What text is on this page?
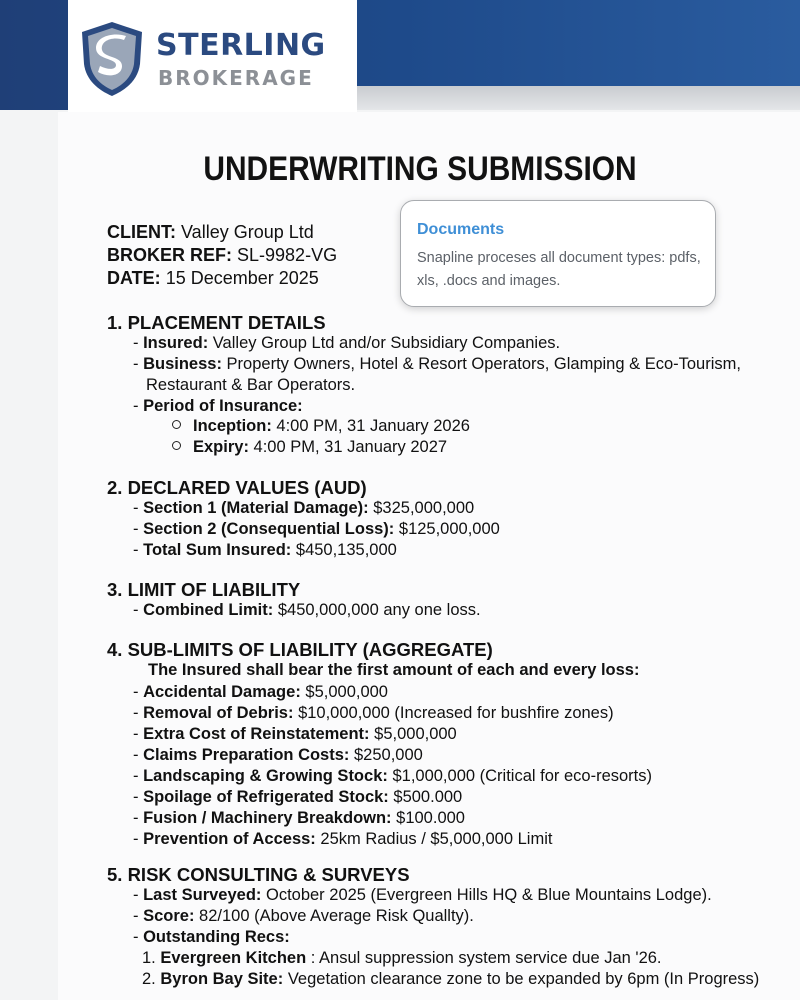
STERLING
BROKERAGE
UNDERWRITING SUBMISSION
CLIENT: Valley Group Ltd
BROKER REF: SL-9982-VG
DATE: 15 December 2025
Documents
Snapline proceses all document types: pdfs, xls, .docs and images.
1. PLACEMENT DETAILS
- Insured: Valley Group Ltd and/or Subsidiary Companies.
- Business: Property Owners, Hotel & Resort Operators, Glamping & Eco-Tourism,
Restaurant & Bar Operators.
- Period of Insurance:
Inception: 4:00 PM, 31 January 2026
Expiry: 4:00 PM, 31 January 2027
2. DECLARED VALUES (AUD)
- Section 1 (Material Damage): $325,000,000
- Section 2 (Consequential Loss): $125,000,000
- Total Sum Insured: $450,135,000
3. LIMIT OF LIABILITY
- Combined Limit: $450,000,000 any one loss.
4. SUB-LIMITS OF LIABILITY (AGGREGATE)
The Insured shall bear the first amount of each and every loss:
- Accidental Damage: $5,000,000
- Removal of Debris: $10,000,000 (Increased for bushfire zones)
- Extra Cost of Reinstatement: $5,000,000
- Claims Preparation Costs: $250,000
- Landscaping & Growing Stock: $1,000,000 (Critical for eco-resorts)
- Spoilage of Refrigerated Stock: $500.000
- Fusion / Machinery Breakdown: $100.000
- Prevention of Access: 25km Radius / $5,000,000 Limit
5. RISK CONSULTING & SURVEYS
- Last Surveyed: October 2025 (Evergreen Hills HQ & Blue Mountains Lodge).
- Score: 82/100 (Above Average Risk Quallty).
- Outstanding Recs:
1. Evergreen Kitchen : Ansul suppression system service due Jan '26.
2. Byron Bay Site: Vegetation clearance zone to be expanded by 6pm (In Progress)
